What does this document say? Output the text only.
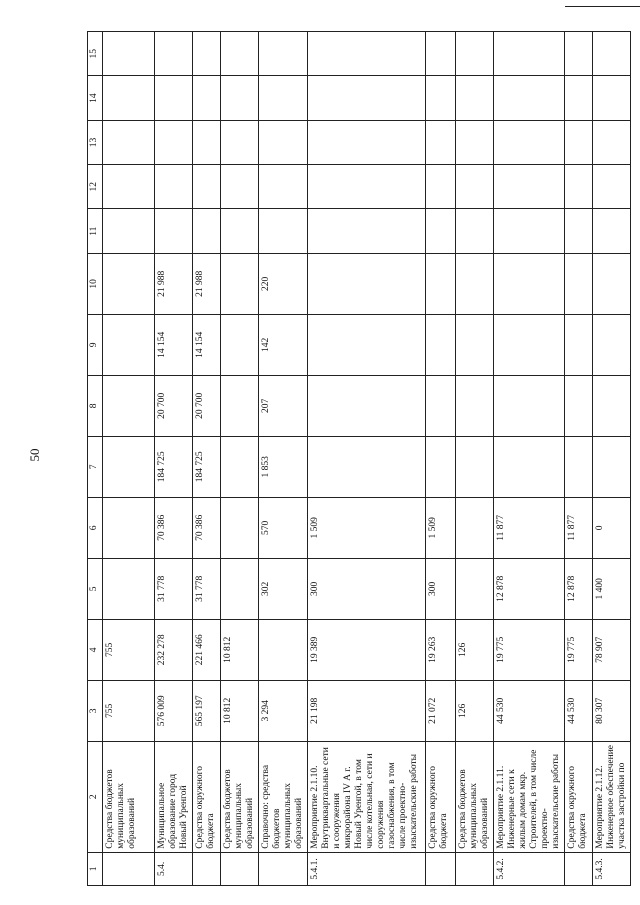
50
1	2	3	4	5	6	7	8	9	10	11	12	13	14	15
	Средства бюджетов муниципальных образований	755	755											
5.4.	Муниципальное образование город Новый Уренгой	576 009	232 278	31 778	70 386	184 725	20 700	14 154	21 988					
	Средства окружного бюджета	565 197	221 466	31 778	70 386	184 725	20 700	14 154	21 988					
	Средства бюджетов муниципальных образований	10 812	10 812											
	Справочно: средства бюджетов муниципальных образований	3 294		302	570	1 853	207	142	220					
5.4.1.	Мероприятие 2.1.10. Внутриквартальные сети и сооружения микрорайона IV А г. Новый Уренгой, в том числе котельная, сети и сооружения газоснабжения, в том числе проектно-изыскательские работы	21 198	19 389	300	1 509									
	Средства окружного бюджета	21 072	19 263	300	1 509									
	Средства бюджетов муниципальных образований	126	126											
5.4.2.	Мероприятие 2.1.11. Инженерные сети к жилым домам мкр. Строителей, в том числе проектно-изыскательские работы	44 530	19 775	12 878	11 877									
	Средства окружного бюджета	44 530	19 775	12 878	11 877									
5.4.3.	Мероприятие 2.1.12. Инженерное обеспечение участка застройки по	80 307	78 907	1 400	0									
